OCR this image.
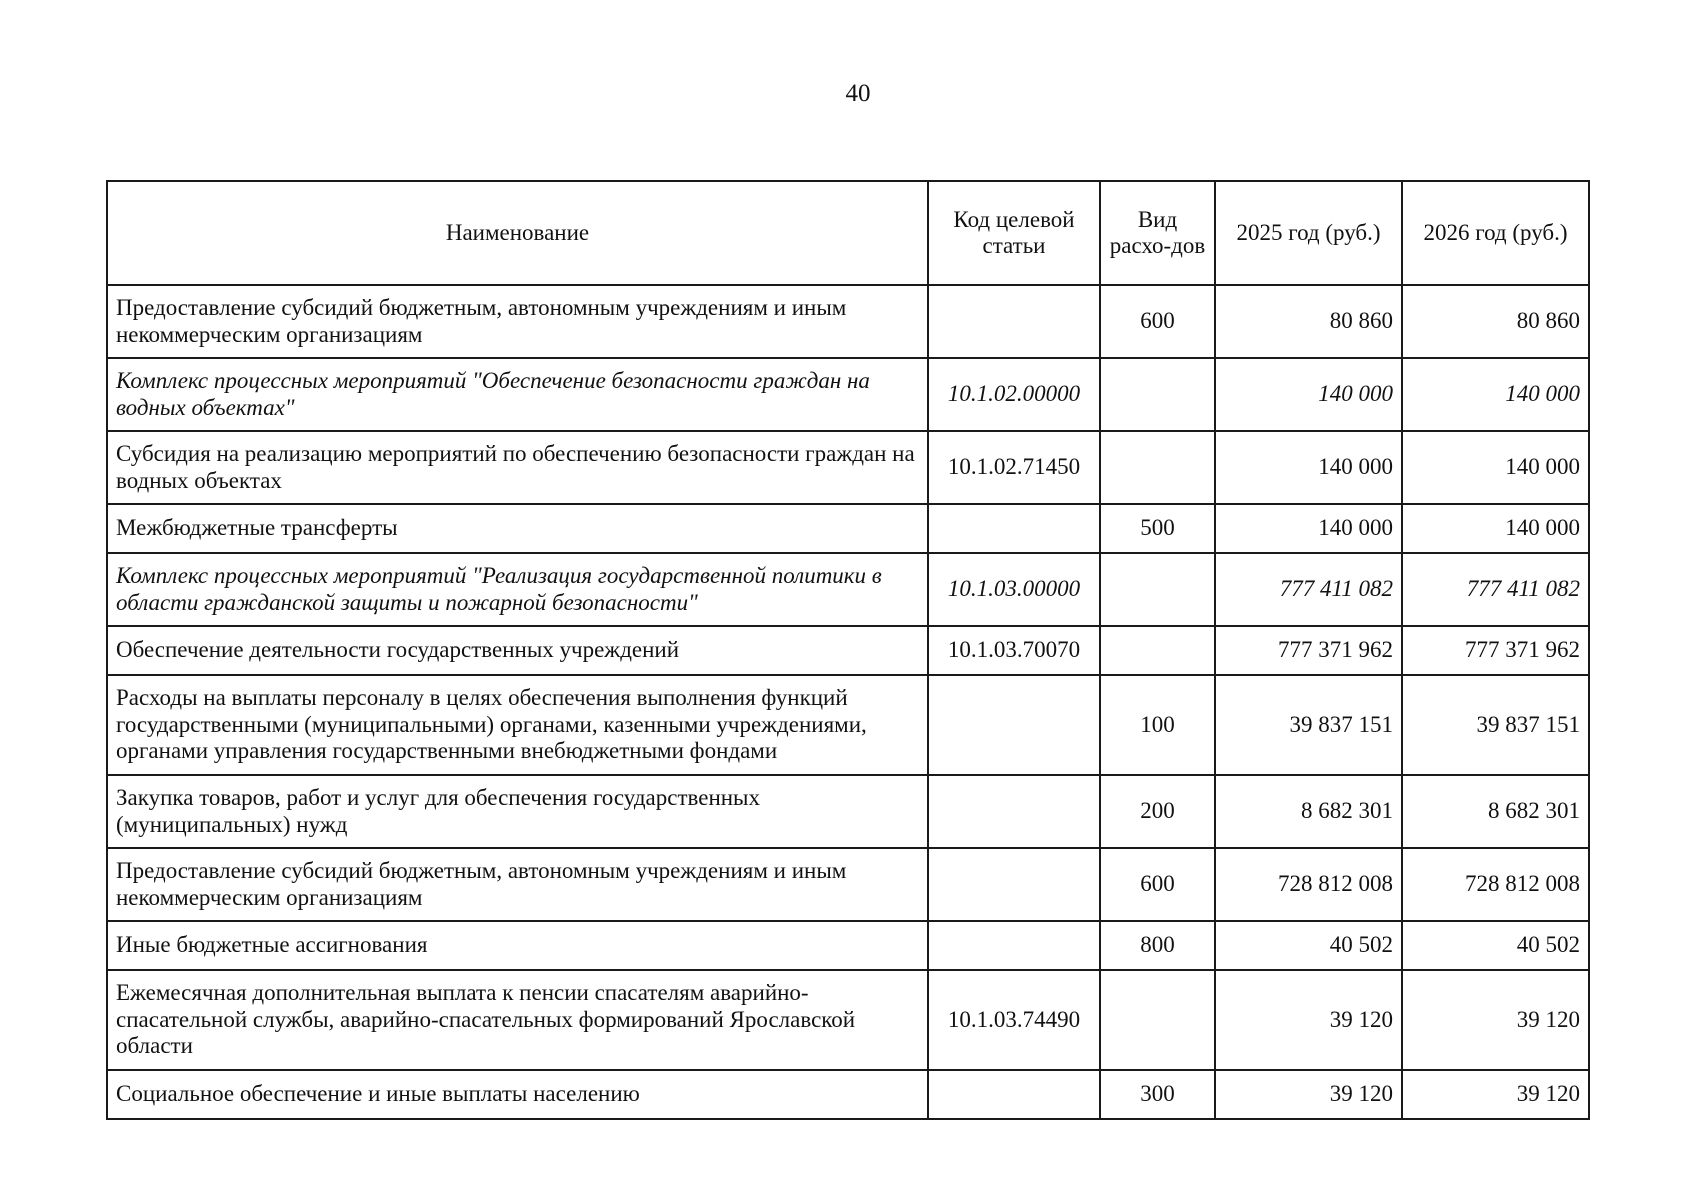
40
Наименование	Код целевой статьи	Вид расхо-дов	2025 год (руб.)	2026 год (руб.)
Предоставление субсидий бюджетным, автономным учреждениям и иным некоммерческим организациям		600	80 860	80 860
Комплекс процессных мероприятий "Обеспечение безопасности граждан на водных объектах"	10.1.02.00000		140 000	140 000
Субсидия на реализацию мероприятий по обеспечению безопасности граждан на водных объектах	10.1.02.71450		140 000	140 000
Межбюджетные трансферты		500	140 000	140 000
Комплекс процессных мероприятий "Реализация государственной политики в области гражданской защиты и пожарной безопасности"	10.1.03.00000		777 411 082	777 411 082
Обеспечение деятельности государственных учреждений	10.1.03.70070		777 371 962	777 371 962
Расходы на выплаты персоналу в целях обеспечения выполнения функций государственными (муниципальными) органами, казенными учреждениями, органами управления государственными внебюджетными фондами		100	39 837 151	39 837 151
Закупка товаров, работ и услуг для обеспечения государственных (муниципальных) нужд		200	8 682 301	8 682 301
Предоставление субсидий бюджетным, автономным учреждениям и иным некоммерческим организациям		600	728 812 008	728 812 008
Иные бюджетные ассигнования		800	40 502	40 502
Ежемесячная дополнительная выплата к пенсии спасателям аварийно-спасательной службы, аварийно-спасательных формирований Ярославской области	10.1.03.74490		39 120	39 120
Социальное обеспечение и иные выплаты населению		300	39 120	39 120
